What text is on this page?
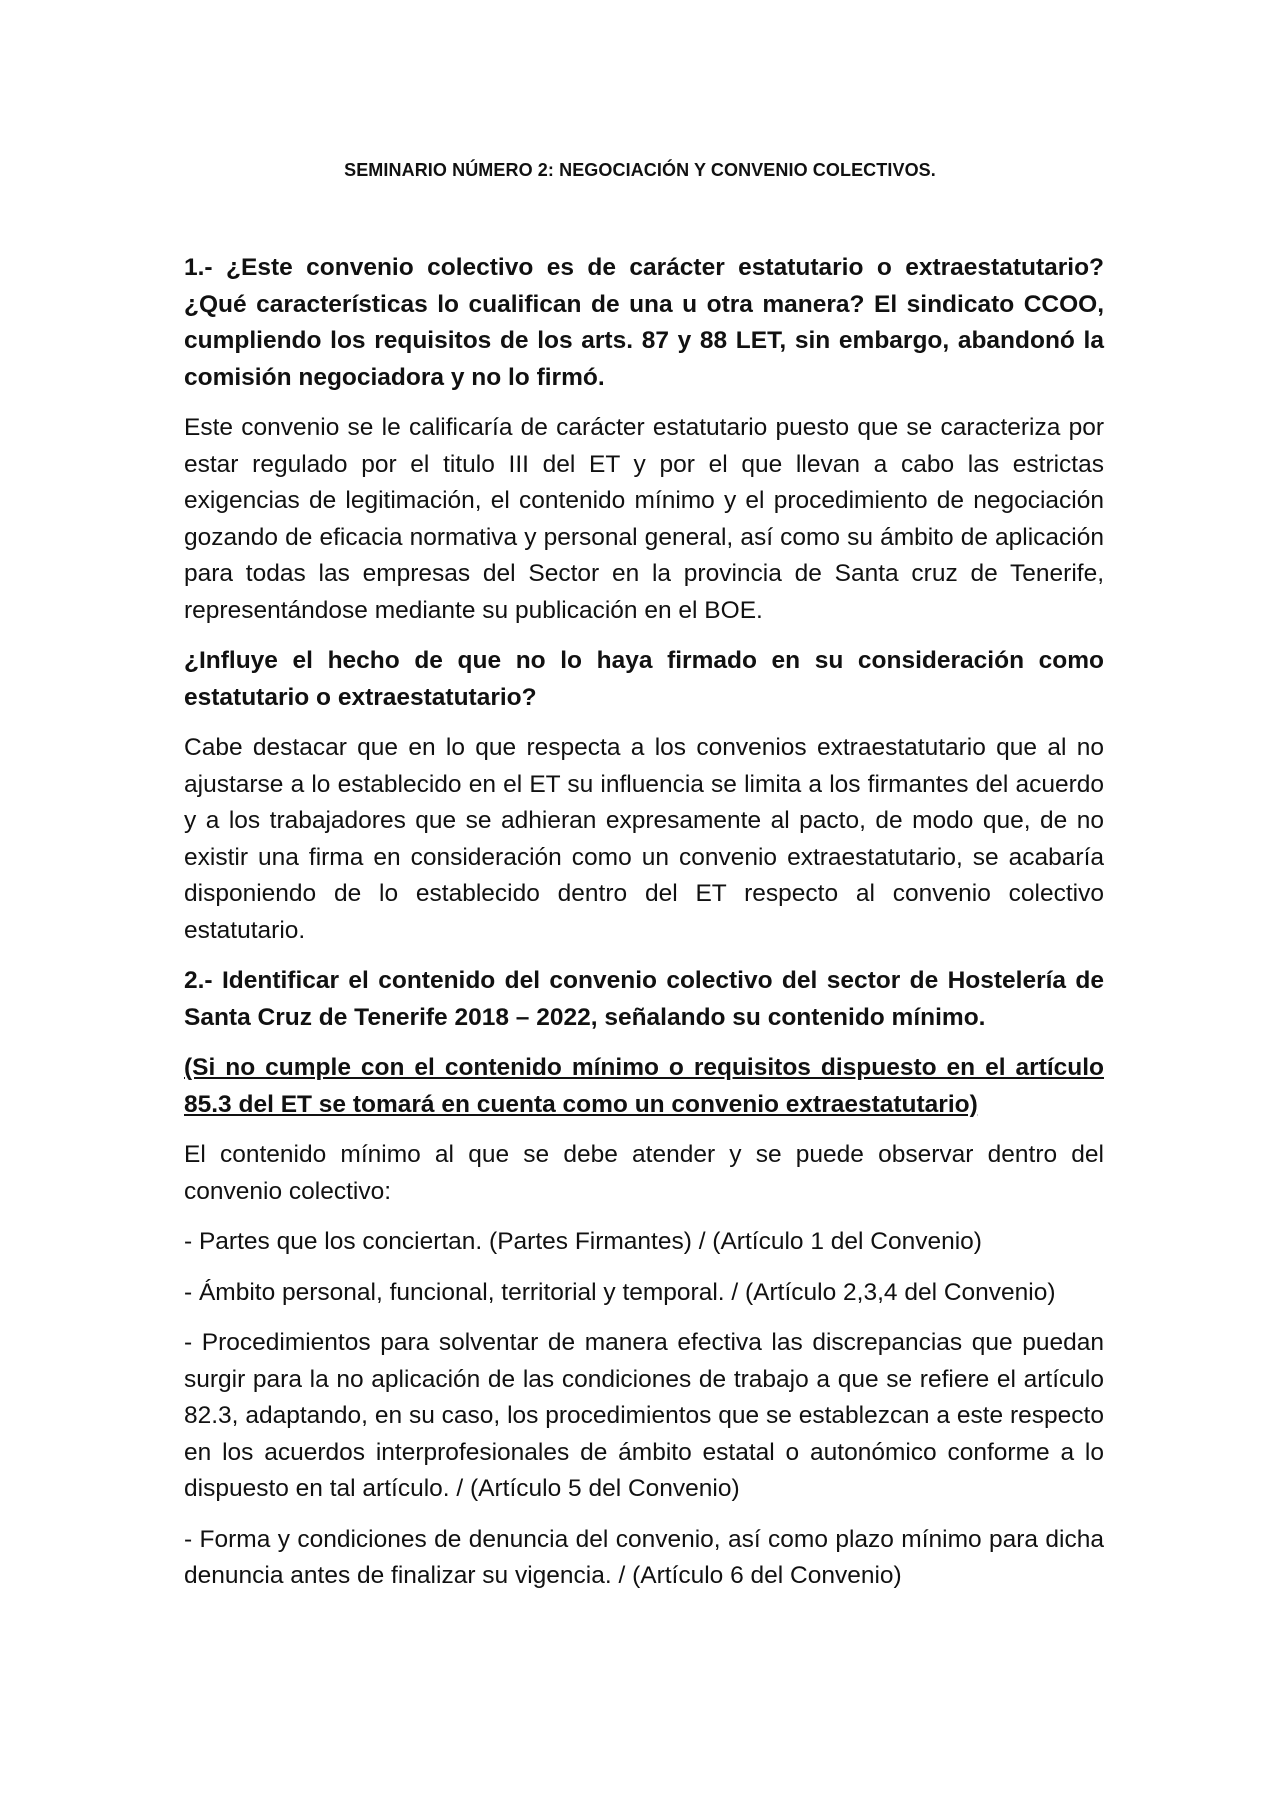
SEMINARIO NÚMERO 2: NEGOCIACIÓN Y CONVENIO COLECTIVOS.

1.- ¿Este convenio colectivo es de carácter estatutario o extraestatutario? ¿Qué características lo cualifican de una u otra manera? El sindicato CCOO, cumpliendo los requisitos de los arts. 87 y 88 LET, sin embargo, abandonó la comisión negociadora y no lo firmó.

Este convenio se le calificaría de carácter estatutario puesto que se caracteriza por estar regulado por el titulo III del ET y por el que llevan a cabo las estrictas exigencias de legitimación, el contenido mínimo y el procedimiento de negociación gozando de eficacia normativa y personal general, así como su ámbito de aplicación para todas las empresas del Sector en la provincia de Santa cruz de Tenerife, representándose mediante su publicación en el BOE.

¿Influye el hecho de que no lo haya firmado en su consideración como estatutario o extraestatutario?

Cabe destacar que en lo que respecta a los convenios extraestatutario que al no ajustarse a lo establecido en el ET su influencia se limita a los firmantes del acuerdo y a los trabajadores que se adhieran expresamente al pacto, de modo que, de no existir una firma en consideración como un convenio extraestatutario, se acabaría disponiendo de lo establecido dentro del ET respecto al convenio colectivo estatutario.

2.- Identificar el contenido del convenio colectivo del sector de Hostelería de Santa Cruz de Tenerife 2018 – 2022, señalando su contenido mínimo.

(Si no cumple con el contenido mínimo o requisitos dispuesto en el artículo 85.3 del ET se tomará en cuenta como un convenio extraestatutario)

El contenido mínimo al que se debe atender y se puede observar dentro del convenio colectivo:

- Partes que los conciertan. (Partes Firmantes) / (Artículo 1 del Convenio)

- Ámbito personal, funcional, territorial y temporal. / (Artículo 2,3,4 del Convenio)

- Procedimientos para solventar de manera efectiva las discrepancias que puedan surgir para la no aplicación de las condiciones de trabajo a que se refiere el artículo 82.3, adaptando, en su caso, los procedimientos que se establezcan a este respecto en los acuerdos interprofesionales de ámbito estatal o autonómico conforme a lo dispuesto en tal artículo. / (Artículo 5 del Convenio)

- Forma y condiciones de denuncia del convenio, así como plazo mínimo para dicha denuncia antes de finalizar su vigencia. / (Artículo 6 del Convenio)
